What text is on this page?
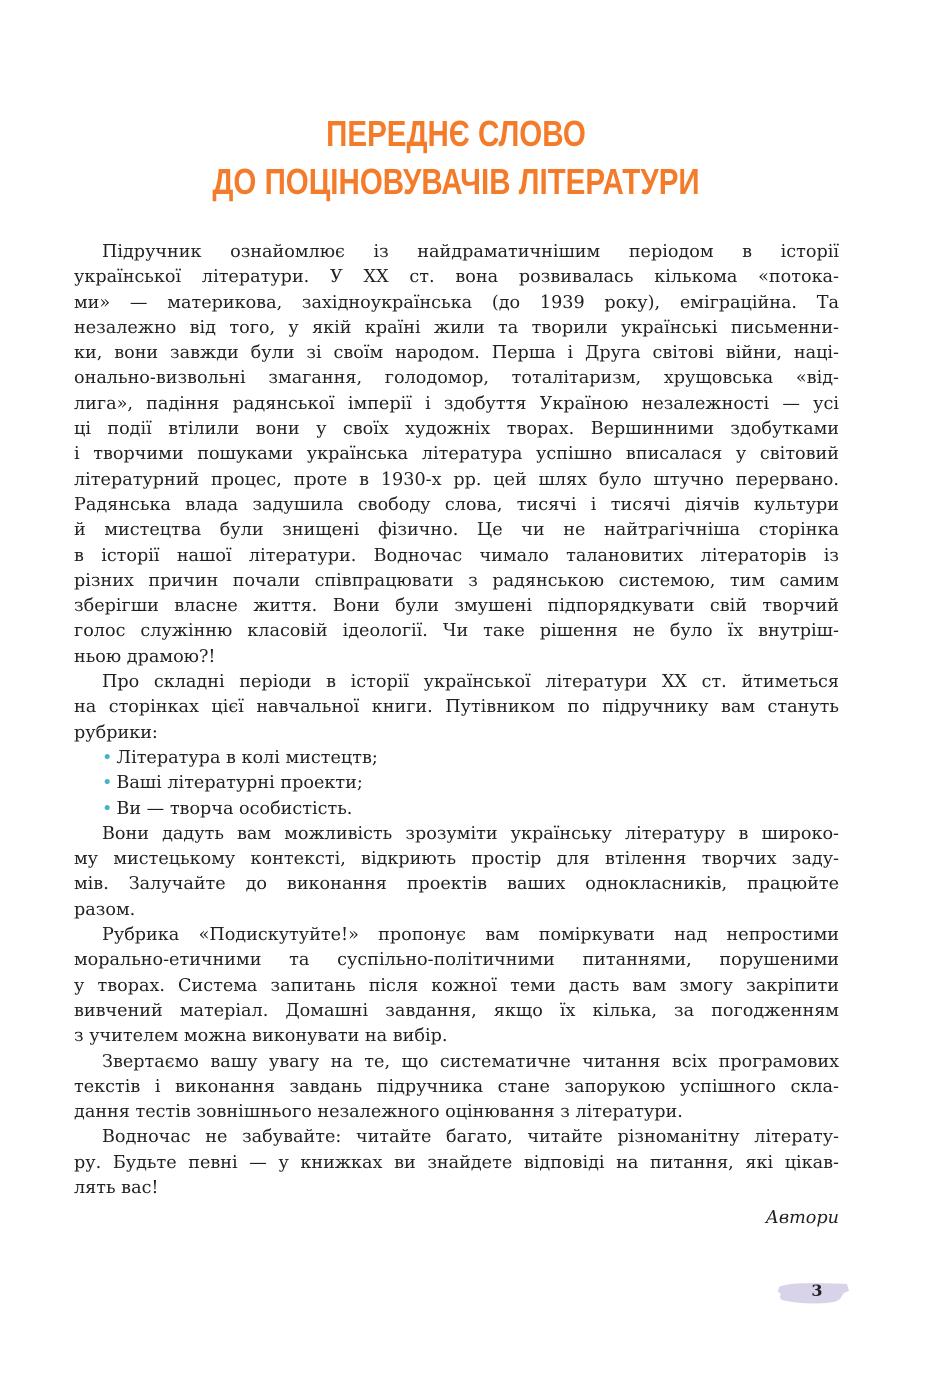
ПЕРЕДНЄ СЛОВО
ДО ПОЦІНОВУВАЧІВ ЛІТЕРАТУРИ
Підручник ознайомлює із найдраматичнішим періодом в історії
української літератури. У XX ст. вона розвивалась кількома «потока-
ми» — материкова, західноукраїнська (до 1939 року), еміграційна. Та
незалежно від того, у якій країні жили та творили українські письменни-
ки, вони завжди були зі своїм народом. Перша і Друга світові війни, наці-
онально-визвольні змагання, голодомор, тоталітаризм, хрущовська «від-
лига», падіння радянської імперії і здобуття Україною незалежності — усі
ці події втілили вони у своїх художніх творах. Вершинними здобутками
і творчими пошуками українська література успішно вписалася у світовий
літературний процес, проте в 1930-х рр. цей шлях було штучно перервано.
Радянська влада задушила свободу слова, тисячі і тисячі діячів культури
й мистецтва були знищені фізично. Це чи не найтрагічніша сторінка
в історії нашої літератури. Водночас чимало талановитих літераторів із
різних причин почали співпрацювати з радянською системою, тим самим
зберігши власне життя. Вони були змушені підпорядкувати свій творчий
голос служінню класовій ідеології. Чи таке рішення не було їх внутріш-
ньою драмою?!
Про складні періоди в історії української літератури XX ст. йтиметься
на сторінках цієї навчальної книги. Путівником по підручнику вам стануть
рубрики:
• Література в колі мистецтв;
• Ваші літературні проекти;
• Ви — творча особистість.
Вони дадуть вам можливість зрозуміти українську літературу в широко-
му мистецькому контексті, відкриють простір для втілення творчих заду-
мів. Залучайте до виконання проектів ваших однокласників, працюйте
разом.
Рубрика «Подискутуйте!» пропонує вам поміркувати над непростими
морально-етичними та суспільно-політичними питаннями, порушеними
у творах. Система запитань після кожної теми дасть вам змогу закріпити
вивчений матеріал. Домашні завдання, якщо їх кілька, за погодженням
з учителем можна виконувати на вибір.
Звертаємо вашу увагу на те, що систематичне читання всіх програмових
текстів і виконання завдань підручника стане запорукою успішного скла-
дання тестів зовнішнього незалежного оцінювання з літератури.
Водночас не забувайте: читайте багато, читайте різноманітну літерату-
ру. Будьте певні — у книжках ви знайдете відповіді на питання, які цікав-
лять вас!
Автори
3
